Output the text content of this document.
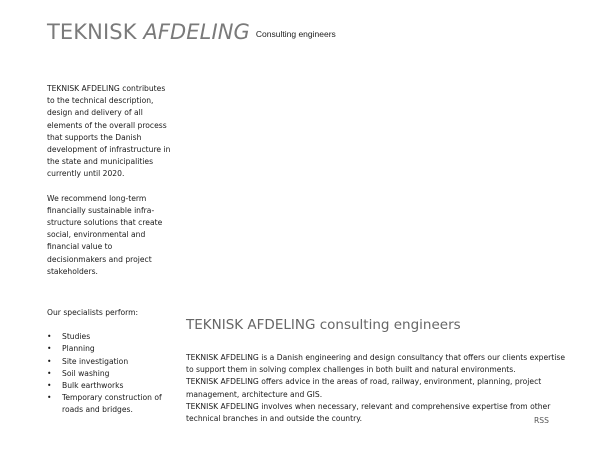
TEKNISK AFDELING Consulting engineers

TEKNISK AFDELING contributes
to the technical description,
design and delivery of all
elements of the overall process
that supports the Danish
development of infrastructure in
the state and municipalities
currently until 2020.

We recommend long-term
financially sustainable infra-
structure solutions that create
social, environmental and
financial value to
decisionmakers and project
stakeholders.

Our specialists perform:

• Studies
• Planning
• Site investigation
• Soil washing
• Bulk earthworks
• Temporary construction of
roads and bridges.
TEKNISK AFDELING consulting engineers

TEKNISK AFDELING is a Danish engineering and design consultancy that offers our clients expertise
to support them in solving complex challenges in both built and natural environments.
TEKNISK AFDELING offers advice in the areas of road, railway, environment, planning, project
management, architecture and GIS.
TEKNISK AFDELING involves when necessary, relevant and comprehensive expertise from other
technical branches in and outside the country.	RSS
